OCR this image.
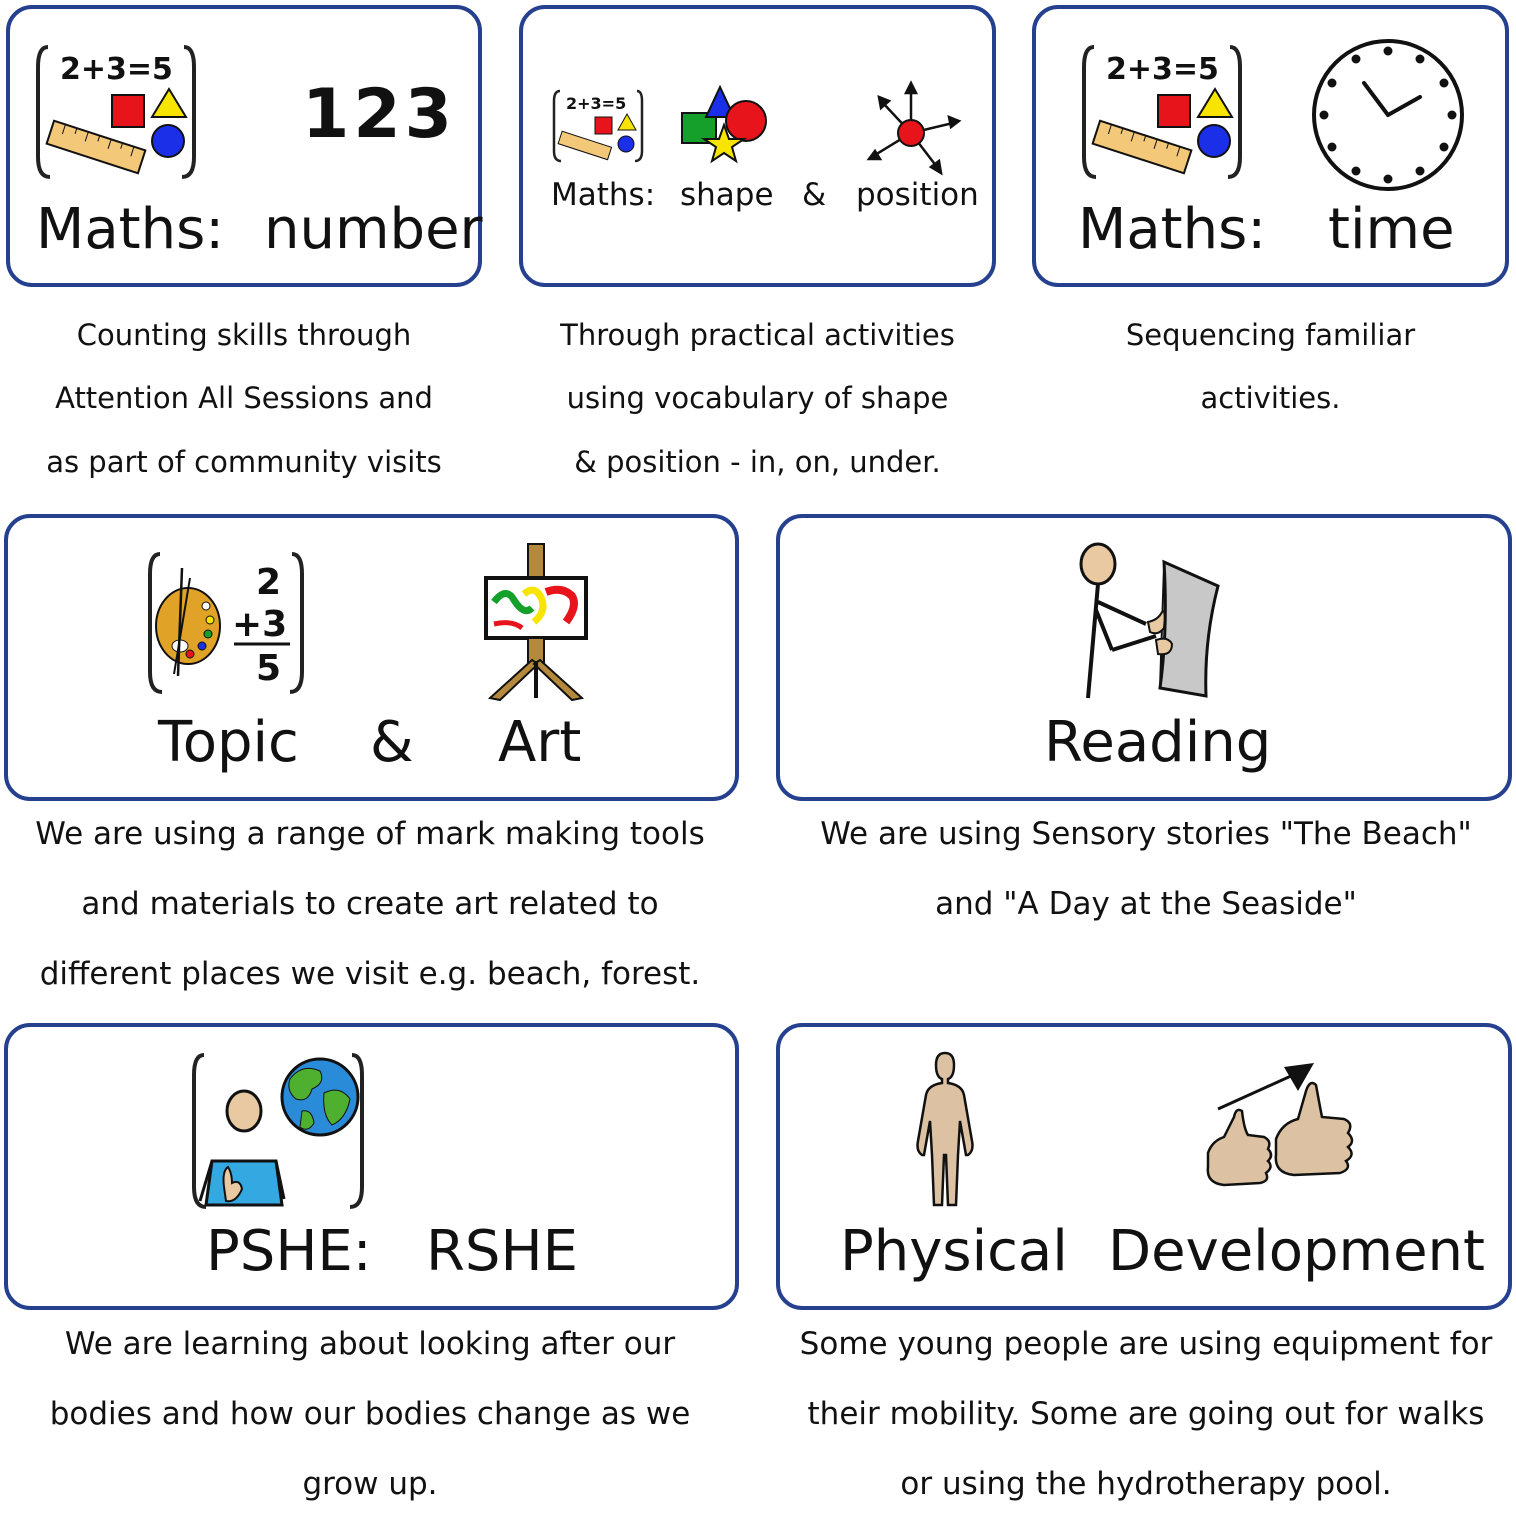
2+3=5
123
Maths: number
Counting skills through
Attention All Sessions and
as part of community visits
2+3=5
Maths: shape & position
Through practical activities
using vocabulary of shape
& position - in, on, under.
2+3=5
Maths: time
Sequencing familiar
activities.
2
+3
5
Topic & Art
We are using a range of mark making tools
and materials to create art related to
different places we visit e.g. beach, forest.
Reading
We are using Sensory stories "The Beach"
and "A Day at the Seaside"
PSHE: RSHE
We are learning about looking after our
bodies and how our bodies change as we
grow up.
Physical Development
Some young people are using equipment for
their mobility. Some are going out for walks
or using the hydrotherapy pool.
